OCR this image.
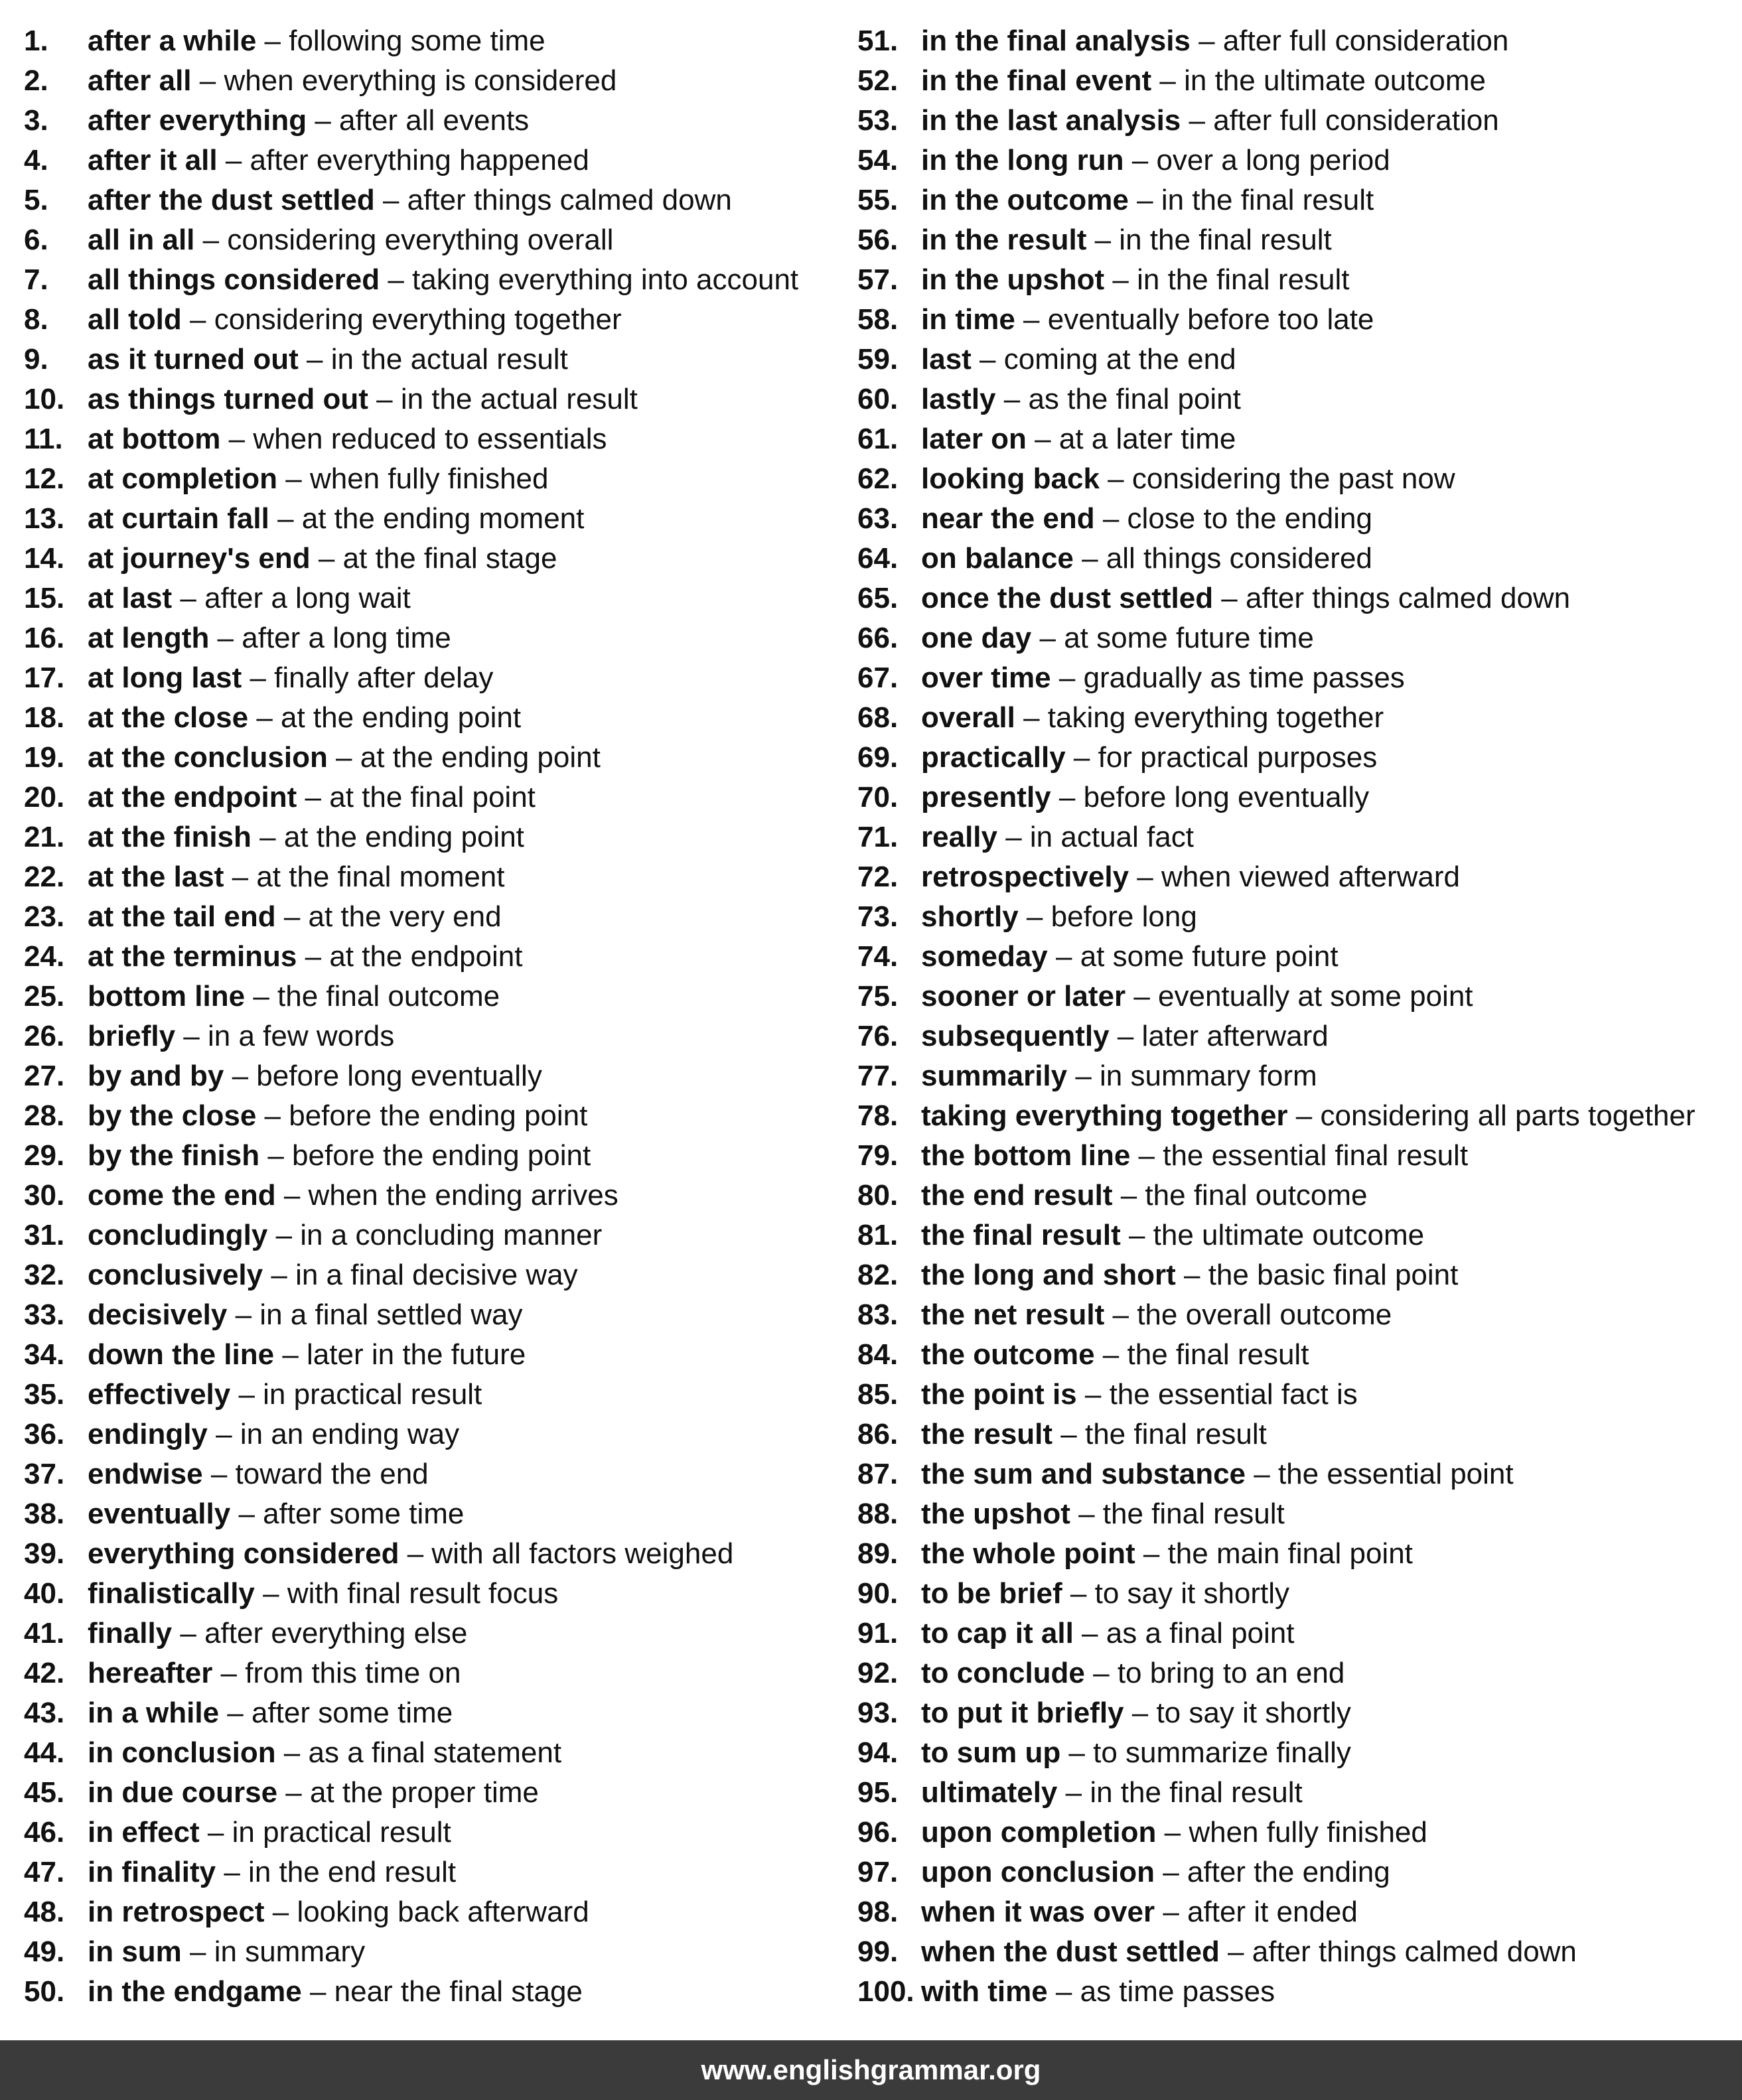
1. after a while – following some time
2. after all – when everything is considered
3. after everything – after all events
4. after it all – after everything happened
5. after the dust settled – after things calmed down
6. all in all – considering everything overall
7. all things considered – taking everything into account
8. all told – considering everything together
9. as it turned out – in the actual result
10. as things turned out – in the actual result
11. at bottom – when reduced to essentials
12. at completion – when fully finished
13. at curtain fall – at the ending moment
14. at journey's end – at the final stage
15. at last – after a long wait
16. at length – after a long time
17. at long last – finally after delay
18. at the close – at the ending point
19. at the conclusion – at the ending point
20. at the endpoint – at the final point
21. at the finish – at the ending point
22. at the last – at the final moment
23. at the tail end – at the very end
24. at the terminus – at the endpoint
25. bottom line – the final outcome
26. briefly – in a few words
27. by and by – before long eventually
28. by the close – before the ending point
29. by the finish – before the ending point
30. come the end – when the ending arrives
31. concludingly – in a concluding manner
32. conclusively – in a final decisive way
33. decisively – in a final settled way
34. down the line – later in the future
35. effectively – in practical result
36. endingly – in an ending way
37. endwise – toward the end
38. eventually – after some time
39. everything considered – with all factors weighed
40. finalistically – with final result focus
41. finally – after everything else
42. hereafter – from this time on
43. in a while – after some time
44. in conclusion – as a final statement
45. in due course – at the proper time
46. in effect – in practical result
47. in finality – in the end result
48. in retrospect – looking back afterward
49. in sum – in summary
50. in the endgame – near the final stage
51. in the final analysis – after full consideration
52. in the final event – in the ultimate outcome
53. in the last analysis – after full consideration
54. in the long run – over a long period
55. in the outcome – in the final result
56. in the result – in the final result
57. in the upshot – in the final result
58. in time – eventually before too late
59. last – coming at the end
60. lastly – as the final point
61. later on – at a later time
62. looking back – considering the past now
63. near the end – close to the ending
64. on balance – all things considered
65. once the dust settled – after things calmed down
66. one day – at some future time
67. over time – gradually as time passes
68. overall – taking everything together
69. practically – for practical purposes
70. presently – before long eventually
71. really – in actual fact
72. retrospectively – when viewed afterward
73. shortly – before long
74. someday – at some future point
75. sooner or later – eventually at some point
76. subsequently – later afterward
77. summarily – in summary form
78. taking everything together – considering all parts together
79. the bottom line – the essential final result
80. the end result – the final outcome
81. the final result – the ultimate outcome
82. the long and short – the basic final point
83. the net result – the overall outcome
84. the outcome – the final result
85. the point is – the essential fact is
86. the result – the final result
87. the sum and substance – the essential point
88. the upshot – the final result
89. the whole point – the main final point
90. to be brief – to say it shortly
91. to cap it all – as a final point
92. to conclude – to bring to an end
93. to put it briefly – to say it shortly
94. to sum up – to summarize finally
95. ultimately – in the final result
96. upon completion – when fully finished
97. upon conclusion – after the ending
98. when it was over – after it ended
99. when the dust settled – after things calmed down
100. with time – as time passes
www.englishgrammar.org
